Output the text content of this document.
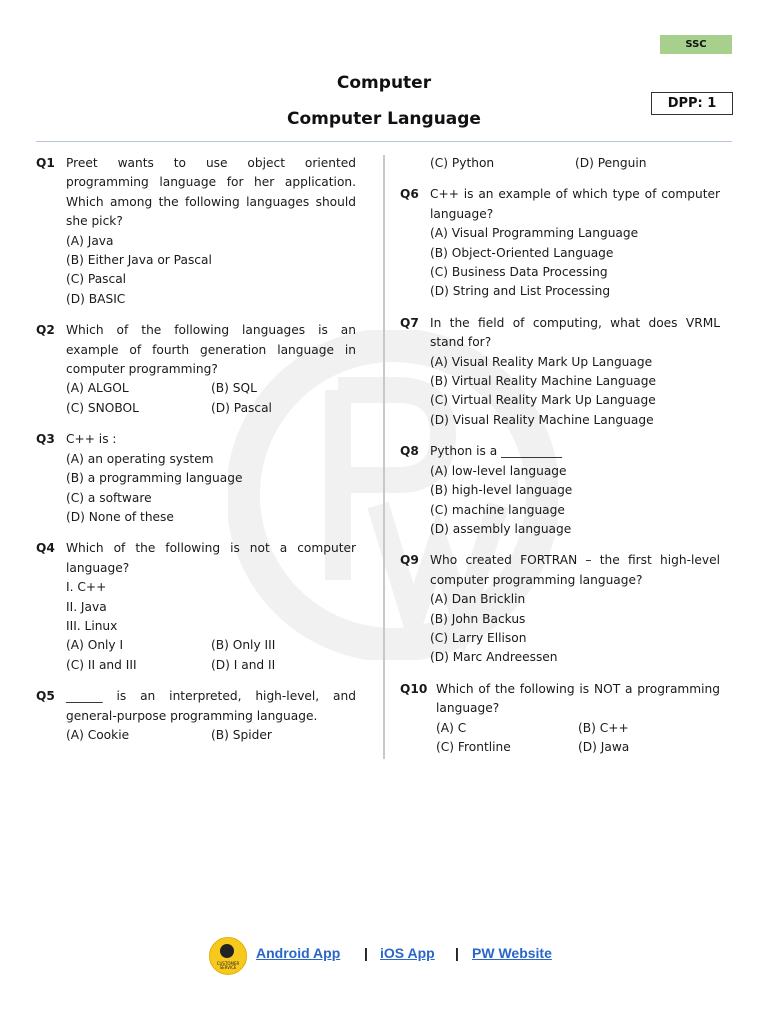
SSC
Computer
Computer Language
DPP: 1
Q1 Preet wants to use object oriented programming language for her application. Which among the following languages should she pick?
(A) Java
(B) Either Java or Pascal
(C) Pascal
(D) BASIC
Q2 Which of the following languages is an example of fourth generation language in computer programming?
(A) ALGOL	(B) SQL
(C) SNOBOL	(D) Pascal
Q3 C++ is :
(A) an operating system
(B) a programming language
(C) a software
(D) None of these
Q4 Which of the following is not a computer language?
I. C++
II. Java
III. Linux
(A) Only I	(B) Only III
(C) II and III	(D) I and II
Q5 ______ is an interpreted, high-level, and general-purpose programming language.
(A) Cookie	(B) Spider
(C) Python	(D) Penguin
Q6 C++ is an example of which type of computer language?
(A) Visual Programming Language
(B) Object-Oriented Language
(C) Business Data Processing
(D) String and List Processing
Q7 In the field of computing, what does VRML stand for?
(A) Visual Reality Mark Up Language
(B) Virtual Reality Machine Language
(C) Virtual Reality Mark Up Language
(D) Visual Reality Machine Language
Q8 Python is a __________
(A) low-level language
(B) high-level language
(C) machine language
(D) assembly language
Q9 Who created FORTRAN – the first high-level computer programming language?
(A) Dan Bricklin
(B) John Backus
(C) Larry Ellison
(D) Marc Andreessen
Q10 Which of the following is NOT a programming language?
(A) C	(B) C++
(C) Frontline	(D) Jawa
CUSTOMER SERVICE
Android App | iOS App | PW Website
